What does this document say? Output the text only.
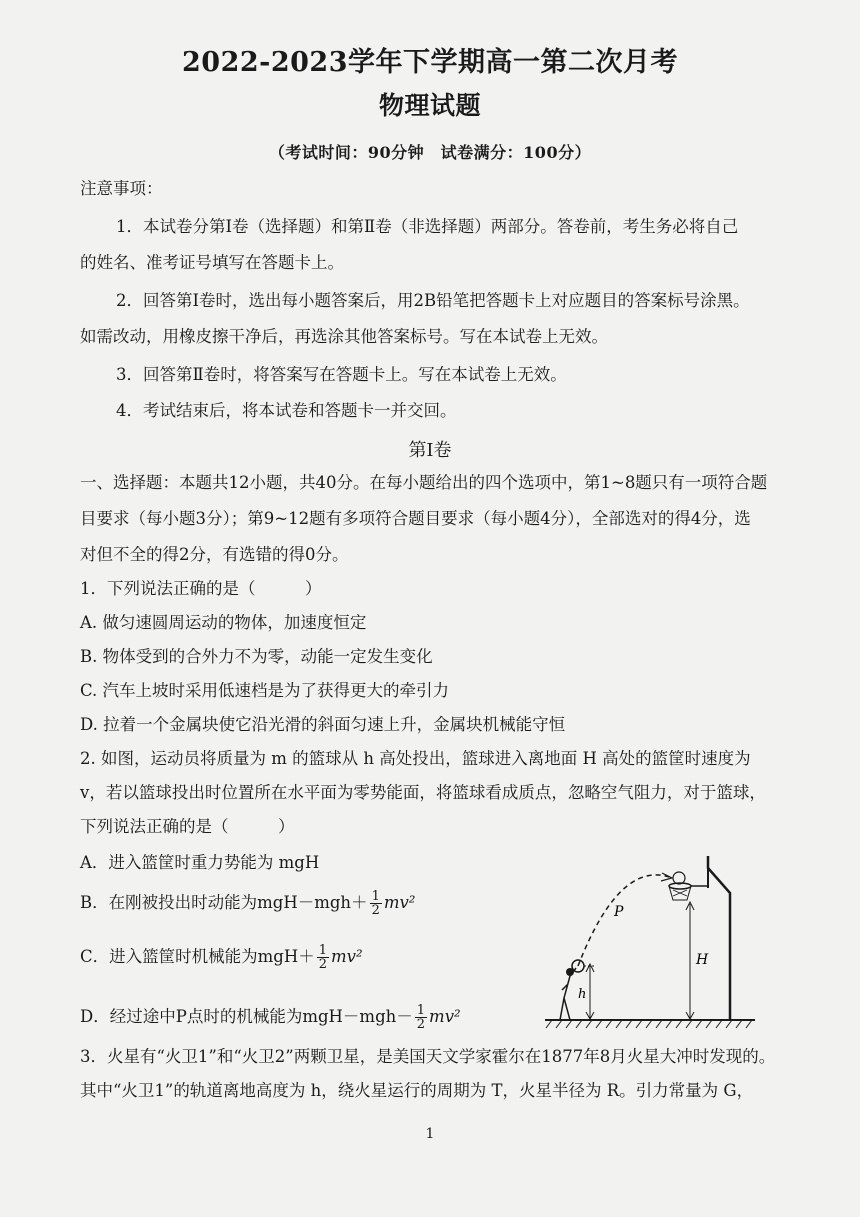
2022-2023学年下学期高一第二次月考
物理试题
（考试时间：90分钟　试卷满分：100分）
注意事项：
1．本试卷分第Ⅰ卷（选择题）和第Ⅱ卷（非选择题）两部分。答卷前，考生务必将自己
的姓名、准考证号填写在答题卡上。
2．回答第Ⅰ卷时，选出每小题答案后，用2B铅笔把答题卡上对应题目的答案标号涂黑。
如需改动，用橡皮擦干净后，再选涂其他答案标号。写在本试卷上无效。
3．回答第Ⅱ卷时，将答案写在答题卡上。写在本试卷上无效。
4．考试结束后，将本试卷和答题卡一并交回。
第Ⅰ卷
一、选择题：本题共12小题，共40分。在每小题给出的四个选项中，第1~8题只有一项符合题
目要求（每小题3分）；第9~12题有多项符合题目要求（每小题4分），全部选对的得4分，选
对但不全的得2分，有选错的得0分。
1．下列说法正确的是（　　　）
A. 做匀速圆周运动的物体，加速度恒定
B. 物体受到的合外力不为零，动能一定发生变化
C. 汽车上坡时采用低速档是为了获得更大的牵引力
D. 拉着一个金属块使它沿光滑的斜面匀速上升，金属块机械能守恒
2. 如图，运动员将质量为 m 的篮球从 h 高处投出，篮球进入离地面 H 高处的篮筐时速度为
v，若以篮球投出时位置所在水平面为零势能面，将篮球看成质点，忽略空气阻力，对于篮球，
下列说法正确的是（　　　）
A．进入篮筐时重力势能为 mgH
B．在刚被投出时动能为$mgH-mgh+ \frac{1}{2} mv^2$
C．进入篮筐时机械能为$mgH+ \frac{1}{2} mv^2$
D．经过途中P点时的机械能为$mgH-mgh- \frac{1}{2} mv^2$
P
h
H
3．火星有“火卫1”和“火卫2”两颗卫星，是美国天文学家霍尔在1877年8月火星大冲时发现的。
其中“火卫1”的轨道离地高度为 h，绕火星运行的周期为 T，火星半径为 R。引力常量为 G，
1
